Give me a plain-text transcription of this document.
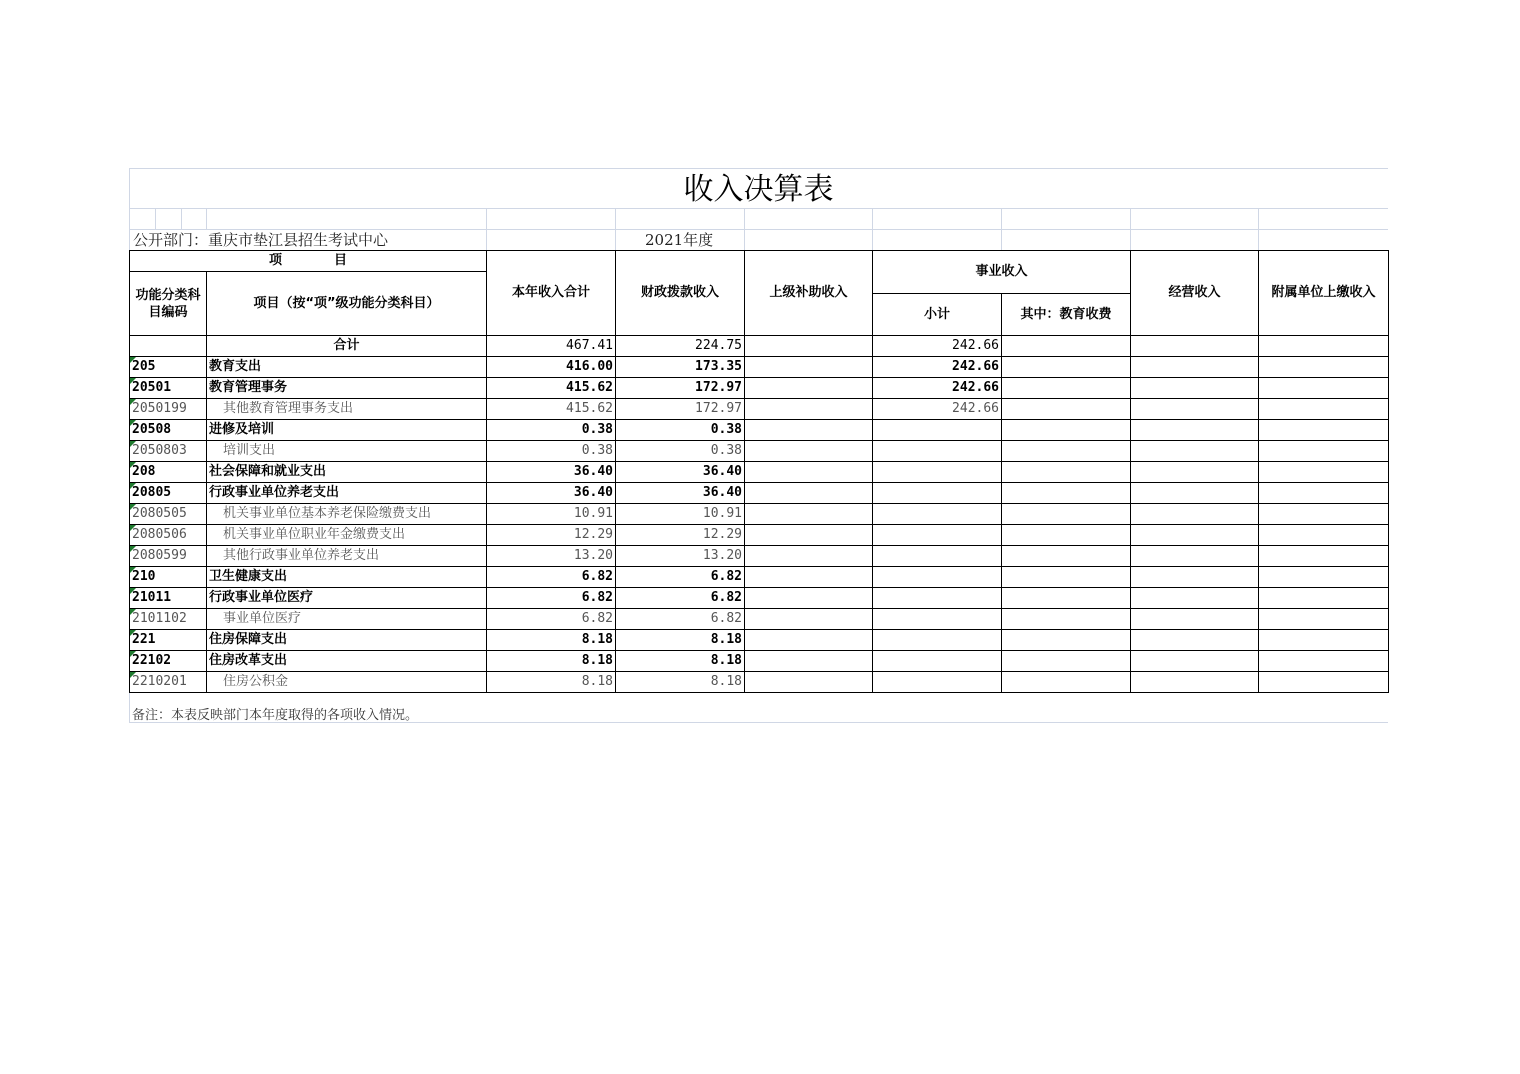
收入决算表
公开部门：重庆市垫江县招生考试中心	2021年度
项　　　　目		本年收入合计	财政拨款收入	上级补助收入	事业收入		经营收入	附属单位上缴收入
功能分类科目编码	项目（按“项”级功能分类科目）							
					小计	其中：教育收费		
	合计	467.41	224.75		242.66			
205	教育支出	416.00	173.35		242.66			
20501	教育管理事务	415.62	172.97		242.66			
2050199	其他教育管理事务支出	415.62	172.97		242.66			
20508	进修及培训	0.38	0.38					
2050803	培训支出	0.38	0.38					
208	社会保障和就业支出	36.40	36.40					
20805	行政事业单位养老支出	36.40	36.40					
2080505	机关事业单位基本养老保险缴费支出	10.91	10.91					
2080506	机关事业单位职业年金缴费支出	12.29	12.29					
2080599	其他行政事业单位养老支出	13.20	13.20					
210	卫生健康支出	6.82	6.82					
21011	行政事业单位医疗	6.82	6.82					
2101102	事业单位医疗	6.82	6.82					
221	住房保障支出	8.18	8.18					
22102	住房改革支出	8.18	8.18					
2210201	住房公积金	8.18	8.18					
备注：本表反映部门本年度取得的各项收入情况。
